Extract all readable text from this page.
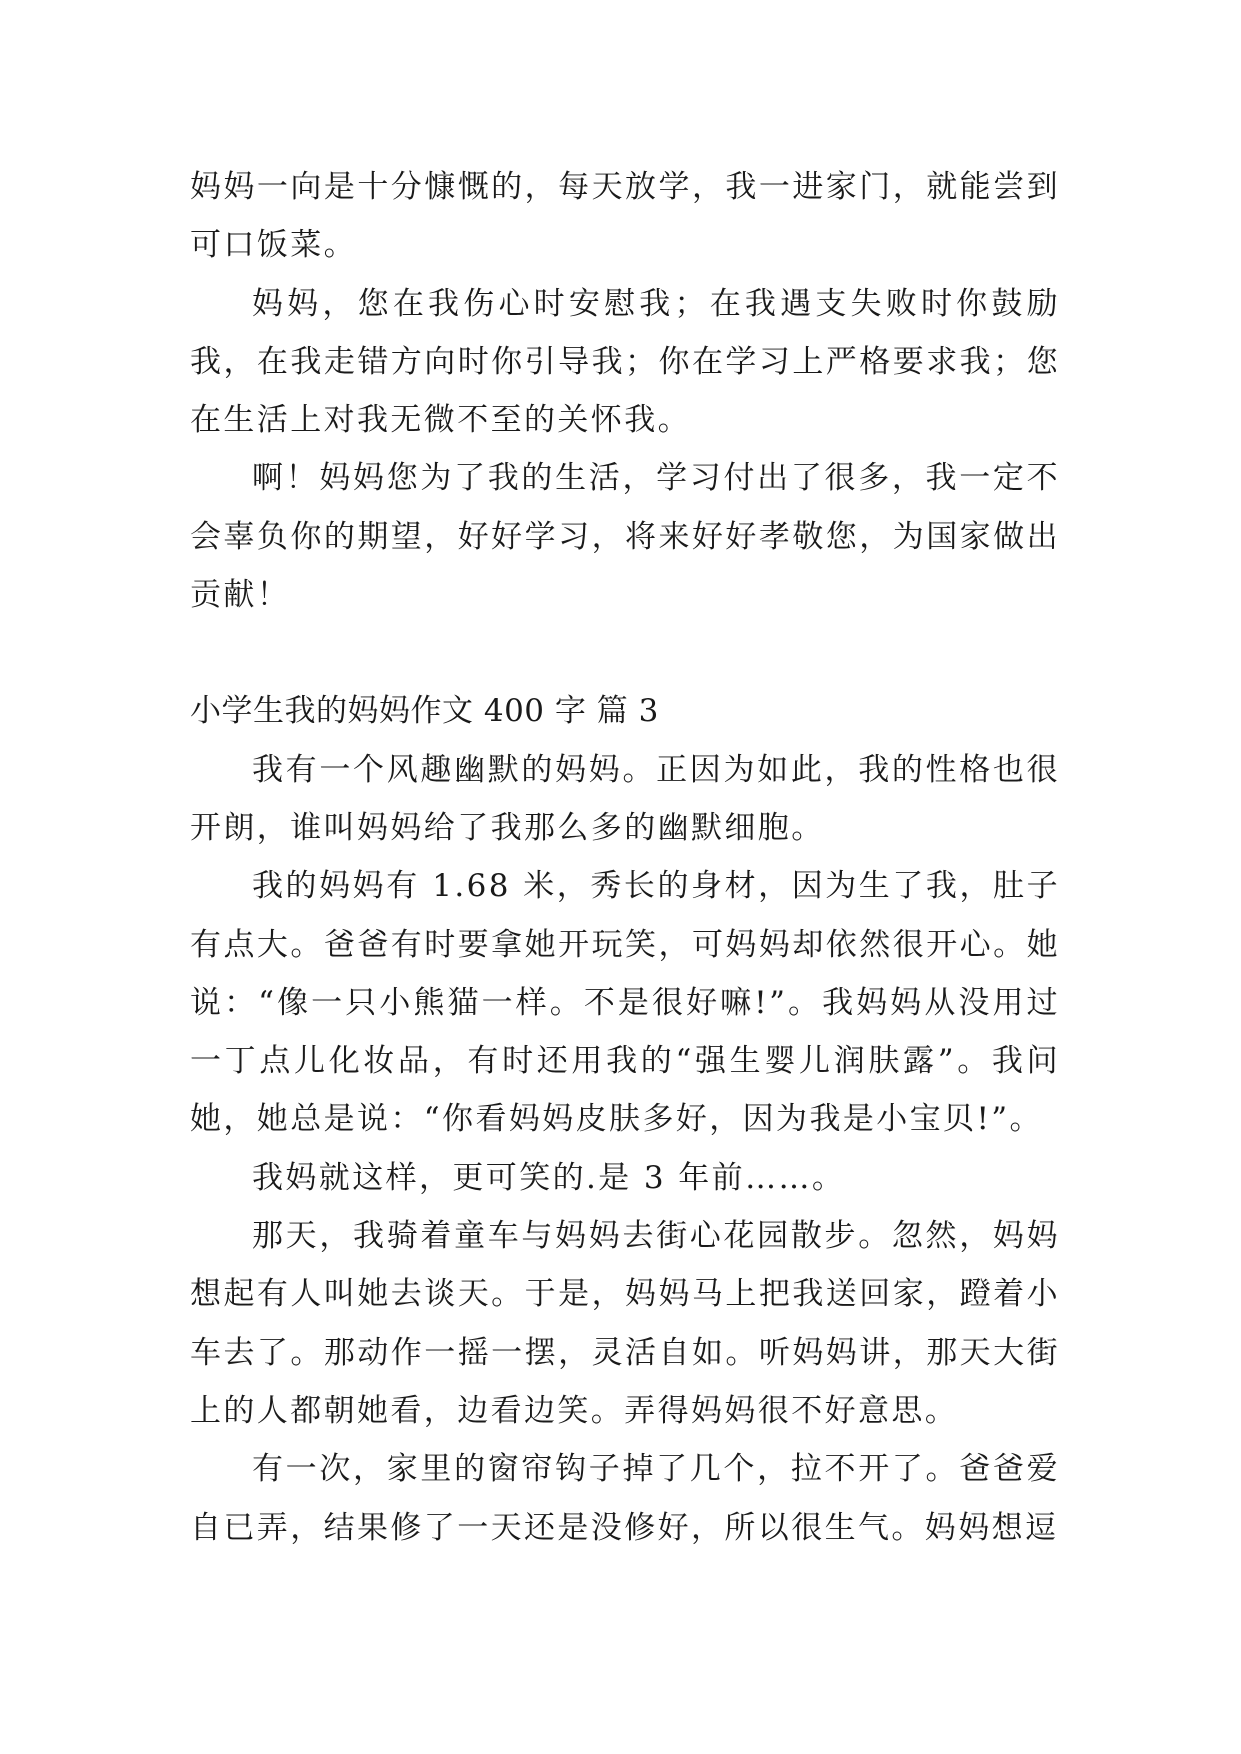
妈妈一向是十分慷慨的，每天放学，我一进家门，就能尝到可口饭菜。

妈妈，您在我伤心时安慰我；在我遇支失败时你鼓励我，在我走错方向时你引导我；你在学习上严格要求我；您在生活上对我无微不至的关怀我。

啊！妈妈您为了我的生活，学习付出了很多，我一定不会辜负你的期望，好好学习，将来好好孝敬您，为国家做出贡献！

小学生我的妈妈作文 400 字 篇 3

我有一个风趣幽默的妈妈。正因为如此，我的性格也很开朗，谁叫妈妈给了我那么多的幽默细胞。

我的妈妈有 1.68 米，秀长的身材，因为生了我，肚子有点大。爸爸有时要拿她开玩笑，可妈妈却依然很开心。她说：“像一只小熊猫一样。不是很好嘛!”。我妈妈从没用过一丁点儿化妆品，有时还用我的“强生婴儿润肤露”。我问她，她总是说：“你看妈妈皮肤多好，因为我是小宝贝!”。

我妈就这样，更可笑的.是 3 年前……。

那天，我骑着童车与妈妈去街心花园散步。忽然，妈妈想起有人叫她去谈天。于是，妈妈马上把我送回家，蹬着小车去了。那动作一摇一摆，灵活自如。听妈妈讲，那天大街上的人都朝她看，边看边笑。弄得妈妈很不好意思。

有一次，家里的窗帘钩子掉了几个，拉不开了。爸爸爱自已弄，结果修了一天还是没修好，所以很生气。妈妈想逗
